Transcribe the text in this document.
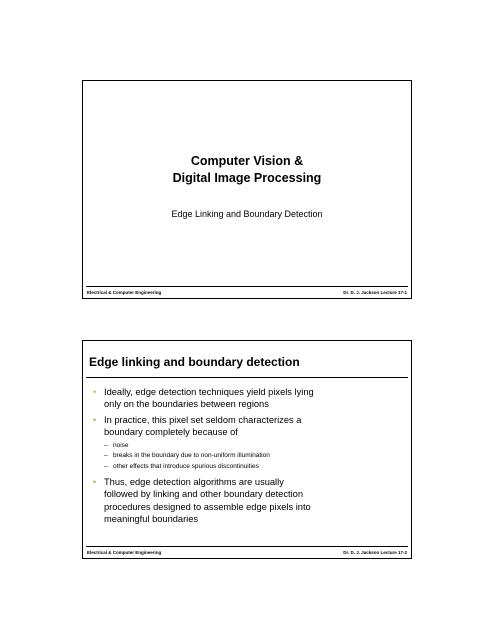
Computer Vision &
Digital Image Processing
Edge Linking and Boundary Detection
Electrical & Computer Engineering	Dr. D. J. Jackson Lecture 17-1
Edge linking and boundary detection
• Ideally, edge detection techniques yield pixels lying
only on the boundaries between regions
• In practice, this pixel set seldom characterizes a
boundary completely because of
– noise
– breaks in the boundary due to non-uniform illumination
– other effects that introduce spurious discontinuities
• Thus, edge detection algorithms are usually
followed by linking and other boundary detection
procedures designed to assemble edge pixels into
meaningful boundaries
Electrical & Computer Engineering	Dr. D. J. Jackson Lecture 17-2
